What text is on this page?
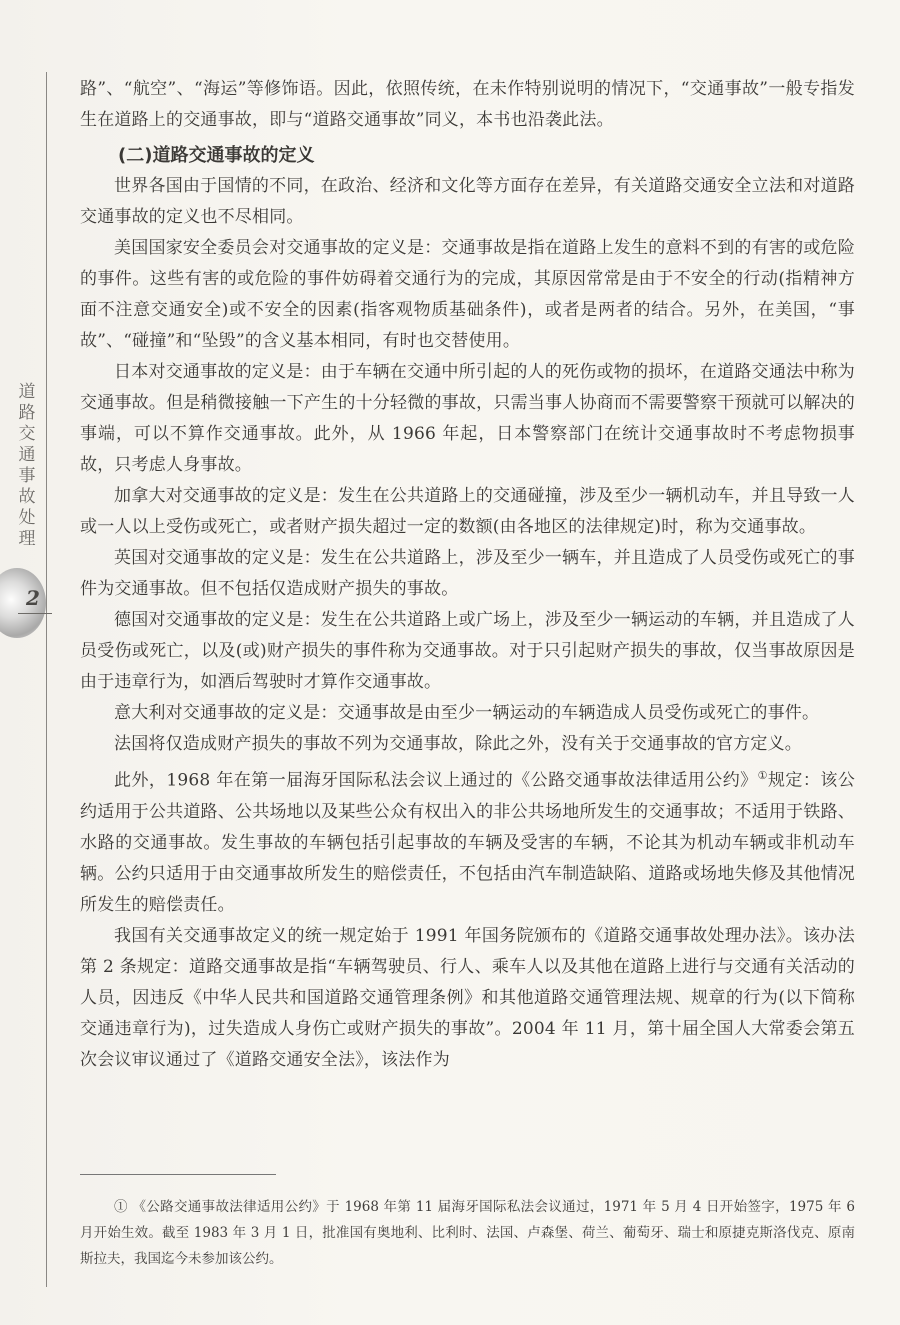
道路交通事故处理
2

路”、“航空”、“海运”等修饰语。因此，依照传统，在未作特别说明的情况下，“交通事故”一般专指发生在道路上的交通事故，即与“道路交通事故”同义，本书也沿袭此法。

(二)道路交通事故的定义

世界各国由于国情的不同，在政治、经济和文化等方面存在差异，有关道路交通安全立法和对道路交通事故的定义也不尽相同。

美国国家安全委员会对交通事故的定义是：交通事故是指在道路上发生的意料不到的有害的或危险的事件。这些有害的或危险的事件妨碍着交通行为的完成，其原因常常是由于不安全的行动(指精神方面不注意交通安全)或不安全的因素(指客观物质基础条件)，或者是两者的结合。另外，在美国，“事故”、“碰撞”和“坠毁”的含义基本相同，有时也交替使用。

日本对交通事故的定义是：由于车辆在交通中所引起的人的死伤或物的损坏，在道路交通法中称为交通事故。但是稍微接触一下产生的十分轻微的事故，只需当事人协商而不需要警察干预就可以解决的事端，可以不算作交通事故。此外，从 1966 年起，日本警察部门在统计交通事故时不考虑物损事故，只考虑人身事故。

加拿大对交通事故的定义是：发生在公共道路上的交通碰撞，涉及至少一辆机动车，并且导致一人或一人以上受伤或死亡，或者财产损失超过一定的数额(由各地区的法律规定)时，称为交通事故。

英国对交通事故的定义是：发生在公共道路上，涉及至少一辆车，并且造成了人员受伤或死亡的事件为交通事故。但不包括仅造成财产损失的事故。

德国对交通事故的定义是：发生在公共道路上或广场上，涉及至少一辆运动的车辆，并且造成了人员受伤或死亡，以及(或)财产损失的事件称为交通事故。对于只引起财产损失的事故，仅当事故原因是由于违章行为，如酒后驾驶时才算作交通事故。

意大利对交通事故的定义是：交通事故是由至少一辆运动的车辆造成人员受伤或死亡的事件。

法国将仅造成财产损失的事故不列为交通事故，除此之外，没有关于交通事故的官方定义。

此外，1968 年在第一届海牙国际私法会议上通过的《公路交通事故法律适用公约》①规定：该公约适用于公共道路、公共场地以及某些公众有权出入的非公共场地所发生的交通事故；不适用于铁路、水路的交通事故。发生事故的车辆包括引起事故的车辆及受害的车辆，不论其为机动车辆或非机动车辆。公约只适用于由交通事故所发生的赔偿责任，不包括由汽车制造缺陷、道路或场地失修及其他情况所发生的赔偿责任。

我国有关交通事故定义的统一规定始于 1991 年国务院颁布的《道路交通事故处理办法》。该办法第 2 条规定：道路交通事故是指“车辆驾驶员、行人、乘车人以及其他在道路上进行与交通有关活动的人员，因违反《中华人民共和国道路交通管理条例》和其他道路交通管理法规、规章的行为(以下简称交通违章行为)，过失造成人身伤亡或财产损失的事故”。2004 年 11 月，第十届全国人大常委会第五次会议审议通过了《道路交通安全法》，该法作为

① 《公路交通事故法律适用公约》于 1968 年第 11 届海牙国际私法会议通过，1971 年 5 月 4 日开始签字，1975 年 6 月开始生效。截至 1983 年 3 月 1 日，批准国有奥地利、比利时、法国、卢森堡、荷兰、葡萄牙、瑞士和原捷克斯洛伐克、原南斯拉夫，我国迄今未参加该公约。
